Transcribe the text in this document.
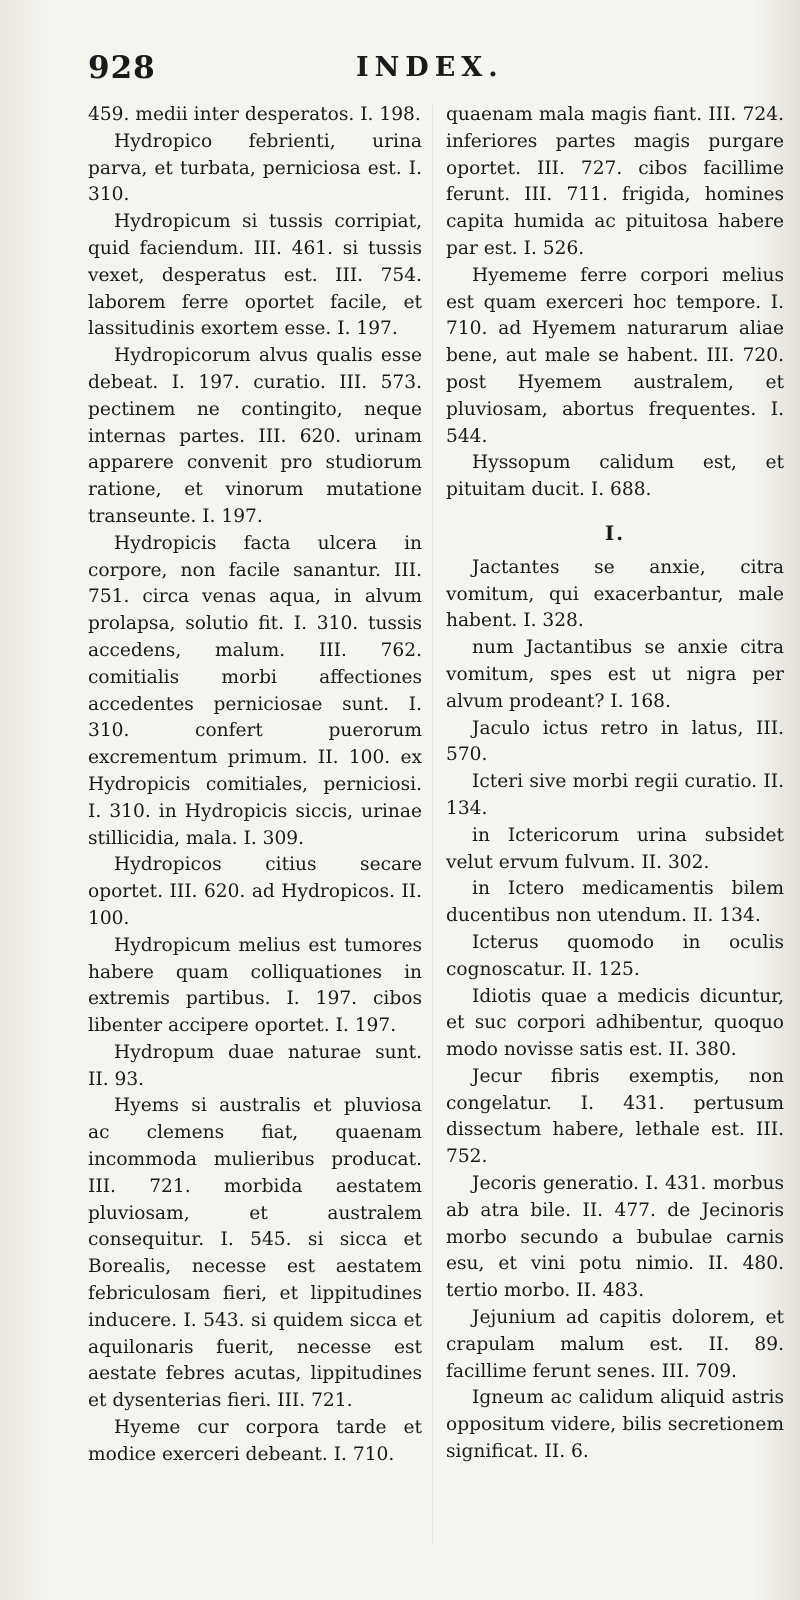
928	INDEX.

459. medii inter desperatos. I. 198.

Hydropico febrienti, urina parva, et turbata, perniciosa est. I. 310.

Hydropicum si tussis corripiat, quid faciendum. III. 461. si tussis vexet, desperatus est. III. 754. laborem ferre oportet facile, et lassitudinis exortem esse. I. 197.

Hydropicorum alvus qualis esse debeat. I. 197. curatio. III. 573. pectinem ne contingito, neque internas partes. III. 620. urinam apparere convenit pro studiorum ratione, et vinorum mutatione transeunte. I. 197.

Hydropicis facta ulcera in corpore, non facile sanantur. III. 751. circa venas aqua, in alvum prolapsa, solutio fit. I. 310. tussis accedens, malum. III. 762. comitialis morbi affectiones accedentes perniciosae sunt. I. 310. confert puerorum excrementum primum. II. 100. ex Hydropicis comitiales, perniciosi. I. 310. in Hydropicis siccis, urinae stillicidia, mala. I. 309.

Hydropicos citius secare oportet. III. 620. ad Hydropicos. II. 100.

Hydropicum melius est tumores habere quam colliquationes in extremis partibus. I. 197. cibos libenter accipere oportet. I. 197.

Hydropum duae naturae sunt. II. 93.

Hyems si australis et pluviosa ac clemens fiat, quaenam incommoda mulieribus producat. III. 721. morbida aestatem pluviosam, et australem consequitur. I. 545. si sicca et Borealis, necesse est aestatem febriculosam fieri, et lippitudines inducere. I. 543. si quidem sicca et aquilonaris fuerit, necesse est aestate febres acutas, lippitudines et dysenterias fieri. III. 721.

Hyeme cur corpora tarde et modice exerceri debeant. I. 710.

quaenam mala magis fiant. III. 724. inferiores partes magis purgare oportet. III. 727. cibos facillime ferunt. III. 711. frigida, homines capita humida ac pituitosa habere par est. I. 526.

Hyememe ferre corpori melius est quam exerceri hoc tempore. I. 710. ad Hyemem naturarum aliae bene, aut male se habent. III. 720. post Hyemem australem, et pluviosam, abortus frequentes. I. 544.

Hyssopum calidum est, et pituitam ducit. I. 688.

I.

Jactantes se anxie, citra vomitum, qui exacerbantur, male habent. I. 328.

num Jactantibus se anxie citra vomitum, spes est ut nigra per alvum prodeant? I. 168.

Jaculo ictus retro in latus, III. 570.

Icteri sive morbi regii curatio. II. 134.

in Ictericorum urina subsidet velut ervum fulvum. II. 302.

in Ictero medicamentis bilem ducentibus non utendum. II. 134.

Icterus quomodo in oculis cognoscatur. II. 125.

Idiotis quae a medicis dicuntur, et suc corpori adhibentur, quoquo modo novisse satis est. II. 380.

Jecur fibris exemptis, non congelatur. I. 431. pertusum dissectum habere, lethale est. III. 752.

Jecoris generatio. I. 431. morbus ab atra bile. II. 477. de Jecinoris morbo secundo a bubulae carnis esu, et vini potu nimio. II. 480. tertio morbo. II. 483.

Jejunium ad capitis dolorem, et crapulam malum est. II. 89. facillime ferunt senes. III. 709.

Igneum ac calidum aliquid astris oppositum videre, bilis secretionem significat. II. 6.
